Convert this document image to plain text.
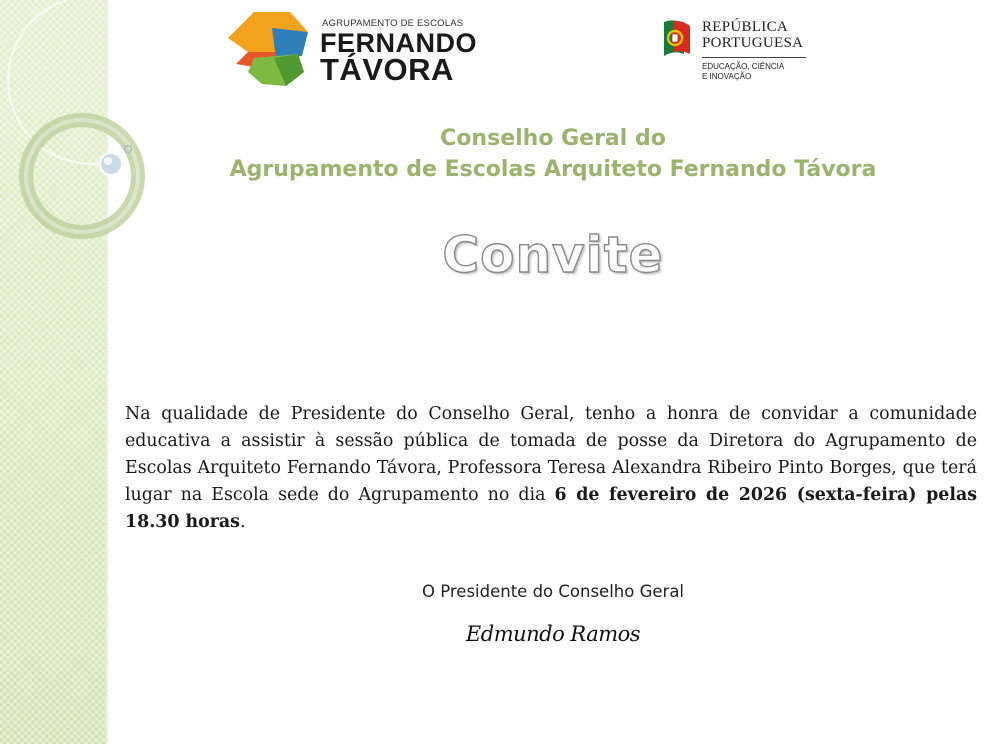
AGRUPAMENTO DE ESCOLAS
FERNANDO
TÁVORA
REPÚBLICA
PORTUGUESA
EDUCAÇÃO, CIÊNCIA
E INOVAÇÃO
Conselho Geral do
Agrupamento de Escolas Arquiteto Fernando Távora
Convite

Na qualidade de Presidente do Conselho Geral, tenho a honra de convidar a comunidade educativa a assistir à sessão pública de tomada de posse da Diretora do Agrupamento de Escolas Arquiteto Fernando Távora, Professora Teresa Alexandra Ribeiro Pinto Borges, que terá lugar na Escola sede do Agrupamento no dia 6 de fevereiro de 2026 (sexta-feira) pelas 18.30 horas.

O Presidente do Conselho Geral
Edmundo Ramos
